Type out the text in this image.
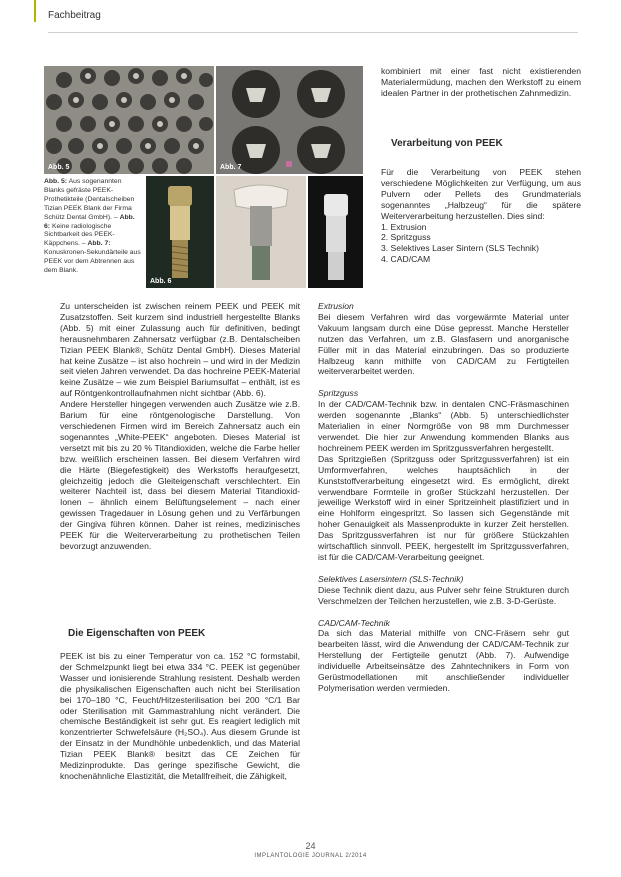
Fachbeitrag
Abb. 5	Abb. 7
Abb. 5: Aus sogenannten Blanks gefräste PEEK-Prothetikteile (Dentalscheiben Tizian PEEK Blank der Firma Schütz Dental GmbH). – Abb. 6: Keine radiologische Sichtbarkeit des PEEK-Käppchens. – Abb. 7: Konuskronen-Sekundärteile aus PEEK vor dem Abtrennen aus dem Blank.
Abb. 6

kombiniert mit einer fast nicht existierenden Materialermüdung, machen den Werkstoff zu einem idealen Partner in der prothetischen Zahnmedizin.

Verarbeitung von PEEK

Für die Verarbeitung von PEEK stehen verschiedene Möglichkeiten zur Verfügung, um aus Pulvern oder Pellets des Grundmaterials sogenanntes „Halbzeug“ für die spätere Weiterverarbeitung herzustellen. Dies sind:

1. Extrusion
2. Spritzguss
3. Selektives Laser Sintern (SLS Technik)
4. CAD/CAM

Zu unterscheiden ist zwischen reinem PEEK und PEEK mit Zusatzstoffen. Seit kurzem sind industriell hergestellte Blanks (Abb. 5) mit einer Zulassung auch für definitiven, bedingt herausnehmbaren Zahnersatz verfügbar (z.B. Dentalscheiben Tizian PEEK Blank®, Schütz Dental GmbH). Dieses Material hat keine Zusätze – ist also hochrein – und wird in der Medizin seit vielen Jahren verwendet. Da das hochreine PEEK-Material keine Zusätze – wie zum Beispiel Bariumsulfat – enthält, ist es auf Röntgenkontrollaufnahmen nicht sichtbar (Abb. 6).

Andere Hersteller hingegen verwenden auch Zusätze wie z.B. Barium für eine röntgenologische Darstellung. Von verschiedenen Firmen wird im Bereich Zahnersatz auch ein sogenanntes „White-PEEK“ angeboten. Dieses Material ist versetzt mit bis zu 20 % Titandioxiden, welche die Farbe heller bzw. weißlich erscheinen lassen. Bei diesem Verfahren wird die Härte (Biegefestigkeit) des Werkstoffs heraufgesetzt, gleichzeitig jedoch die Gleiteigenschaft verschlechtert. Ein weiterer Nachteil ist, dass bei diesem Material Titandioxid-Ionen – ähnlich einem Belüftungselement – nach einer gewissen Tragedauer in Lösung gehen und zu Verfärbungen der Gingiva führen können. Daher ist reines, medizinisches PEEK für die Weiterverarbeitung zu prothetischen Teilen bevorzugt anzuwenden.

Die Eigenschaften von PEEK

PEEK ist bis zu einer Temperatur von ca. 152 °C formstabil, der Schmelzpunkt liegt bei etwa 334 °C. PEEK ist gegenüber Wasser und ionisierende Strahlung resistent. Deshalb werden die physikalischen Eigenschaften auch nicht bei Sterilisation bei 170–180 °C, Feucht/Hitzesterilisation bei 200 °C/1 Bar oder Sterilisation mit Gammastrahlung nicht verändert. Die chemische Beständigkeit ist sehr gut. Es reagiert lediglich mit konzentrierter Schwefelsäure (H₂SO₄). Aus diesem Grunde ist der Einsatz in der Mundhöhle unbedenklich, und das Material Tizian PEEK Blank® besitzt das CE Zeichen für Medizinprodukte. Das geringe spezifische Gewicht, die knochenähnliche Elastizität, die Metallfreiheit, die Zähigkeit,

Extrusion

Bei diesem Verfahren wird das vorgewärmte Material unter Vakuum langsam durch eine Düse gepresst. Manche Hersteller nutzen das Verfahren, um z.B. Glasfasern und anorganische Füller mit in das Material einzubringen. Das so produzierte Halbzeug kann mithilfe von CAD/CAM zu Fertigteilen weiterverarbeitet werden.

Spritzguss

In der CAD/CAM-Technik bzw. in dentalen CNC-Fräsmaschinen werden sogenannte „Blanks“ (Abb. 5) unterschiedlichster Materialien in einer Normgröße von 98 mm Durchmesser verwendet. Die hier zur Anwendung kommenden Blanks aus hochreinem PEEK werden im Spritzgussverfahren hergestellt.

Das Spritzgießen (Spritzguss oder Spritzgussverfahren) ist ein Umformverfahren, welches hauptsächlich in der Kunststoffverarbeitung eingesetzt wird. Es ermöglicht, direkt verwendbare Formteile in großer Stückzahl herzustellen. Der jeweilige Werkstoff wird in einer Spritzeinheit plastifiziert und in eine Hohlform eingespritzt. So lassen sich Gegenstände mit hoher Genauigkeit als Massenprodukte in kurzer Zeit herstellen. Das Spritzgussverfahren ist nur für größere Stückzahlen wirtschaftlich sinnvoll. PEEK, hergestellt im Spritzgussverfahren, ist für die CAD/CAM-Verarbeitung geeignet.

Selektives Lasersintern (SLS-Technik)

Diese Technik dient dazu, aus Pulver sehr feine Strukturen durch Verschmelzen der Teilchen herzustellen, wie z.B. 3-D-Gerüste.

CAD/CAM-Technik

Da sich das Material mithilfe von CNC-Fräsern sehr gut bearbeiten lässt, wird die Anwendung der CAD/CAM-Technik zur Herstellung der Fertigteile genutzt (Abb. 7). Aufwendige individuelle Arbeitseinsätze des Zahntechnikers in Form von Gerüstmodellationen mit anschließender individueller Polymerisation werden vermieden.

24
IMPLANTOLOGIE JOURNAL 2/2014
